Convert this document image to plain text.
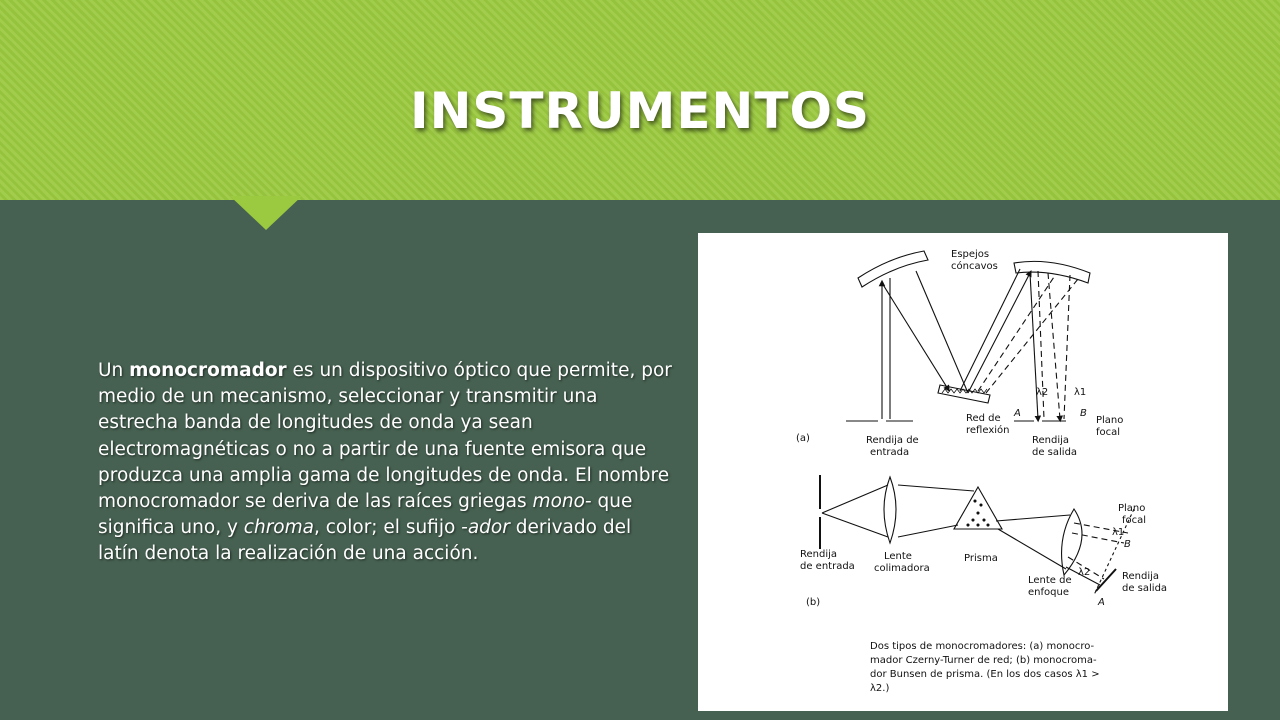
INSTRUMENTOS
Un monocromador es un dispositivo óptico que permite, por medio de un mecanismo, seleccionar y transmitir una estrecha banda de longitudes de onda ya sean electromagnéticas o no a partir de una fuente emisora que produzca una amplia gama de longitudes de onda. El nombre monocromador se deriva de las raíces griegas mono- que significa uno, y chroma, color; el sufijo -ador derivado del latín denota la realización de una acción.
Espejos
cóncavos
λ2	λ1
Red de
reflexión
A	B
Plano
focal
(a)	Rendija de
entrada
Rendija
de salida
Plano
focal
λ1
B
λ2
Rendija
de entrada
Lente
colimadora
Prisma
Rendija
de salida
Lente de
enfoque
A
(b)
Dos tipos de monocromadores: (a) monocro-
mador Czerny-Turner de red; (b) monocroma-
dor Bunsen de prisma. (En los dos casos λ1 >
λ2.)
